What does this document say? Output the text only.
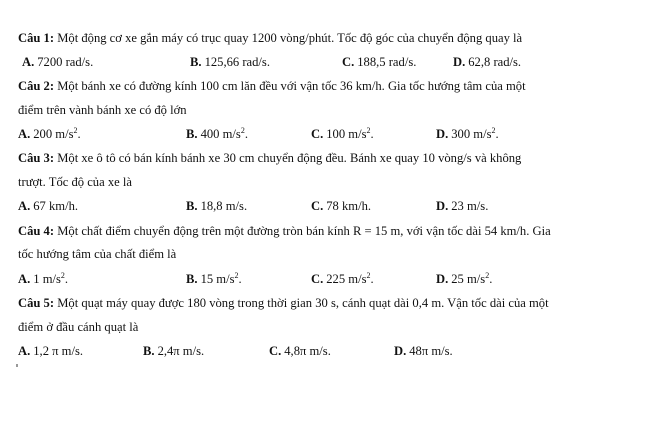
Câu 1: Một động cơ xe gắn máy có trục quay 1200 vòng/phút. Tốc độ góc của chuyển động quay là
A. 7200 rad/s.	B. 125,66 rad/s.	C. 188,5 rad/s.	D. 62,8 rad/s.
Câu 2: Một bánh xe có đường kính 100 cm lăn đều với vận tốc 36 km/h. Gia tốc hướng tâm của một
điểm trên vành bánh xe có độ lớn
A. 200 $m/s^2$.	B. 400 $m/s^2$.	C. 100 $m/s^2$.	D. 300 $m/s^2$.
Câu 3: Một xe ô tô có bán kính bánh xe 30 cm chuyển động đều. Bánh xe quay 10 vòng/s và không
trượt. Tốc độ của xe là
A. 67 km/h.	B. 18,8 m/s.	C. 78 km/h.	D. 23 m/s.
Câu 4: Một chất điểm chuyển động trên một đường tròn bán kính R = 15 m, với vận tốc dài 54 km/h. Gia
tốc hướng tâm của chất điểm là
A. 1 $m/s^2$.	B. 15 $m/s^2$.	C. 225 $m/s^2$.	D. 25 $m/s^2$.
Câu 5: Một quạt máy quay được 180 vòng trong thời gian 30 s, cánh quạt dài 0,4 m. Vận tốc dài của một
điểm ở đầu cánh quạt là
A. 1,2 π m/s.	B. 2,4π m/s.	C. 4,8π m/s.	D. 48π m/s.
